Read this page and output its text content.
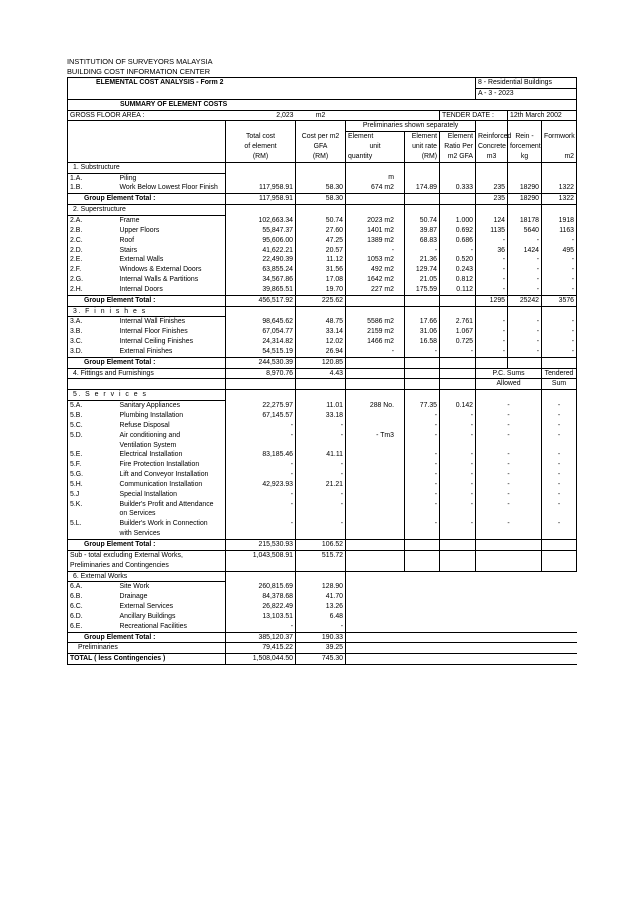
INSTITUTION OF SURVEYORS MALAYSIA
BUILDING COST INFORMATION CENTER
ELEMENTAL COST ANALYSIS - Form 2							8 - Residential Buildings		
							A - 3 - 2023		
SUMMARY OF ELEMENT COSTS									
GROSS FLOOR AREA :		2,023	m2			TENDER DATE :		12th March 2002	
				Preliminaries shown separately					
		Total cost	Cost per m2	Element	Element	Element	Reinforced	Rein -	Formwork
		of element	GFA	unit	unit rate	Ratio Per	Concrete	forcement	
		(RM)	(RM)	quantity	(RM)	m2 GFA	m3	kg	m2
1. Substructure									
1.A.	Piling			m					
1.B.	Work Below Lowest Floor Finish	117,958.91	58.30	674 m2	174.89	0.333	235	18290	1322
Group Element Total :		117,958.91	58.30				235	18290	1322
2. Superstructure									
2.A.	Frame	102,663.34	50.74	2023 m2	50.74	1.000	124	18178	1918
2.B.	Upper Floors	55,847.37	27.60	1401 m2	39.87	0.692	1135	5640	1163
2.C.	Roof	95,606.00	47.25	1389 m2	68.83	0.686	-	-	-
2.D.	Stairs	41,622.21	20.57	-	-	-	36	1424	495
2.E.	External Walls	22,490.39	11.12	1053 m2	21.36	0.520	-	-	-
2.F.	Windows & External Doors	63,855.24	31.56	492 m2	129.74	0.243	-	-	-
2.G.	Internal Walls & Partitions	34,567.86	17.08	1642 m2	21.05	0.812	-	-	-
2.H.	Internal Doors	39,865.51	19.70	227 m2	175.59	0.112	-	-	-
Group Element Total :		456,517.92	225.62				1295	25242	3576
3. F i n i s h e s									
3.A.	Internal Wall Finishes	98,645.62	48.75	5586 m2	17.66	2.761	-	-	-
3.B.	Internal Floor Finishes	67,054.77	33.14	2159 m2	31.06	1.067	-	-	-
3.C.	Internal Ceiling Finishes	24,314.82	12.02	1466 m2	16.58	0.725	-	-	-
3.D.	External Finishes	54,515.19	26.94	-	-	-	-	-	-
Group Element Total :		244,530.39	120.85						
4. Fittings and Furnishings		8,970.76	4.43				P.C. Sums		Tendered
							Allowed		Sum
5. S e r v i c e s									
5.A.	Sanitary Appliances	22,275.97	11.01	288 No.	77.35	0.142	-		-
5.B.	Plumbing Installation	67,145.57	33.18		-	-	-		-
5.C.	Refuse Disposal	-	-		-	-	-		-
5.D.	Air conditioning and	-	-	- Tm3	-	-	-		-
	Ventilation System								
5.E.	Electrical Installation	83,185.46	41.11		-	-	-		-
5.F.	Fire Protection Installation	-	-		-	-	-		-
5.G.	Lift and Conveyor Installation	-	-		-	-	-		-
5.H.	Communication Installation	42,923.93	21.21		-	-	-		-
5.J	Special Installation	-	-		-	-	-		-
5.K.	Builder's Profit and Attendance	-	-		-	-	-		-
	on Services								
5.L.	Builder's Work in Connection	-	-		-	-	-		-
	with Services								
Group Element Total :		215,530.93	106.52						
Sub - total excluding External Works,		1,043,508.91	515.72						
Preliminaries and Contingencies									
6. External Works									
6.A.	Site Work	260,815.69	128.90						
6.B.	Drainage	84,378.68	41.70						
6.C.	External Services	26,822.49	13.26						
6.D.	Ancillary Buildings	13,103.51	6.48						
6.E.	Recreational Facilities	-	-						
Group Element Total :		385,120.37	190.33						
Preliminaries		79,415.22	39.25						
TOTAL ( less Contingencies )		1,508,044.50	745.30						
